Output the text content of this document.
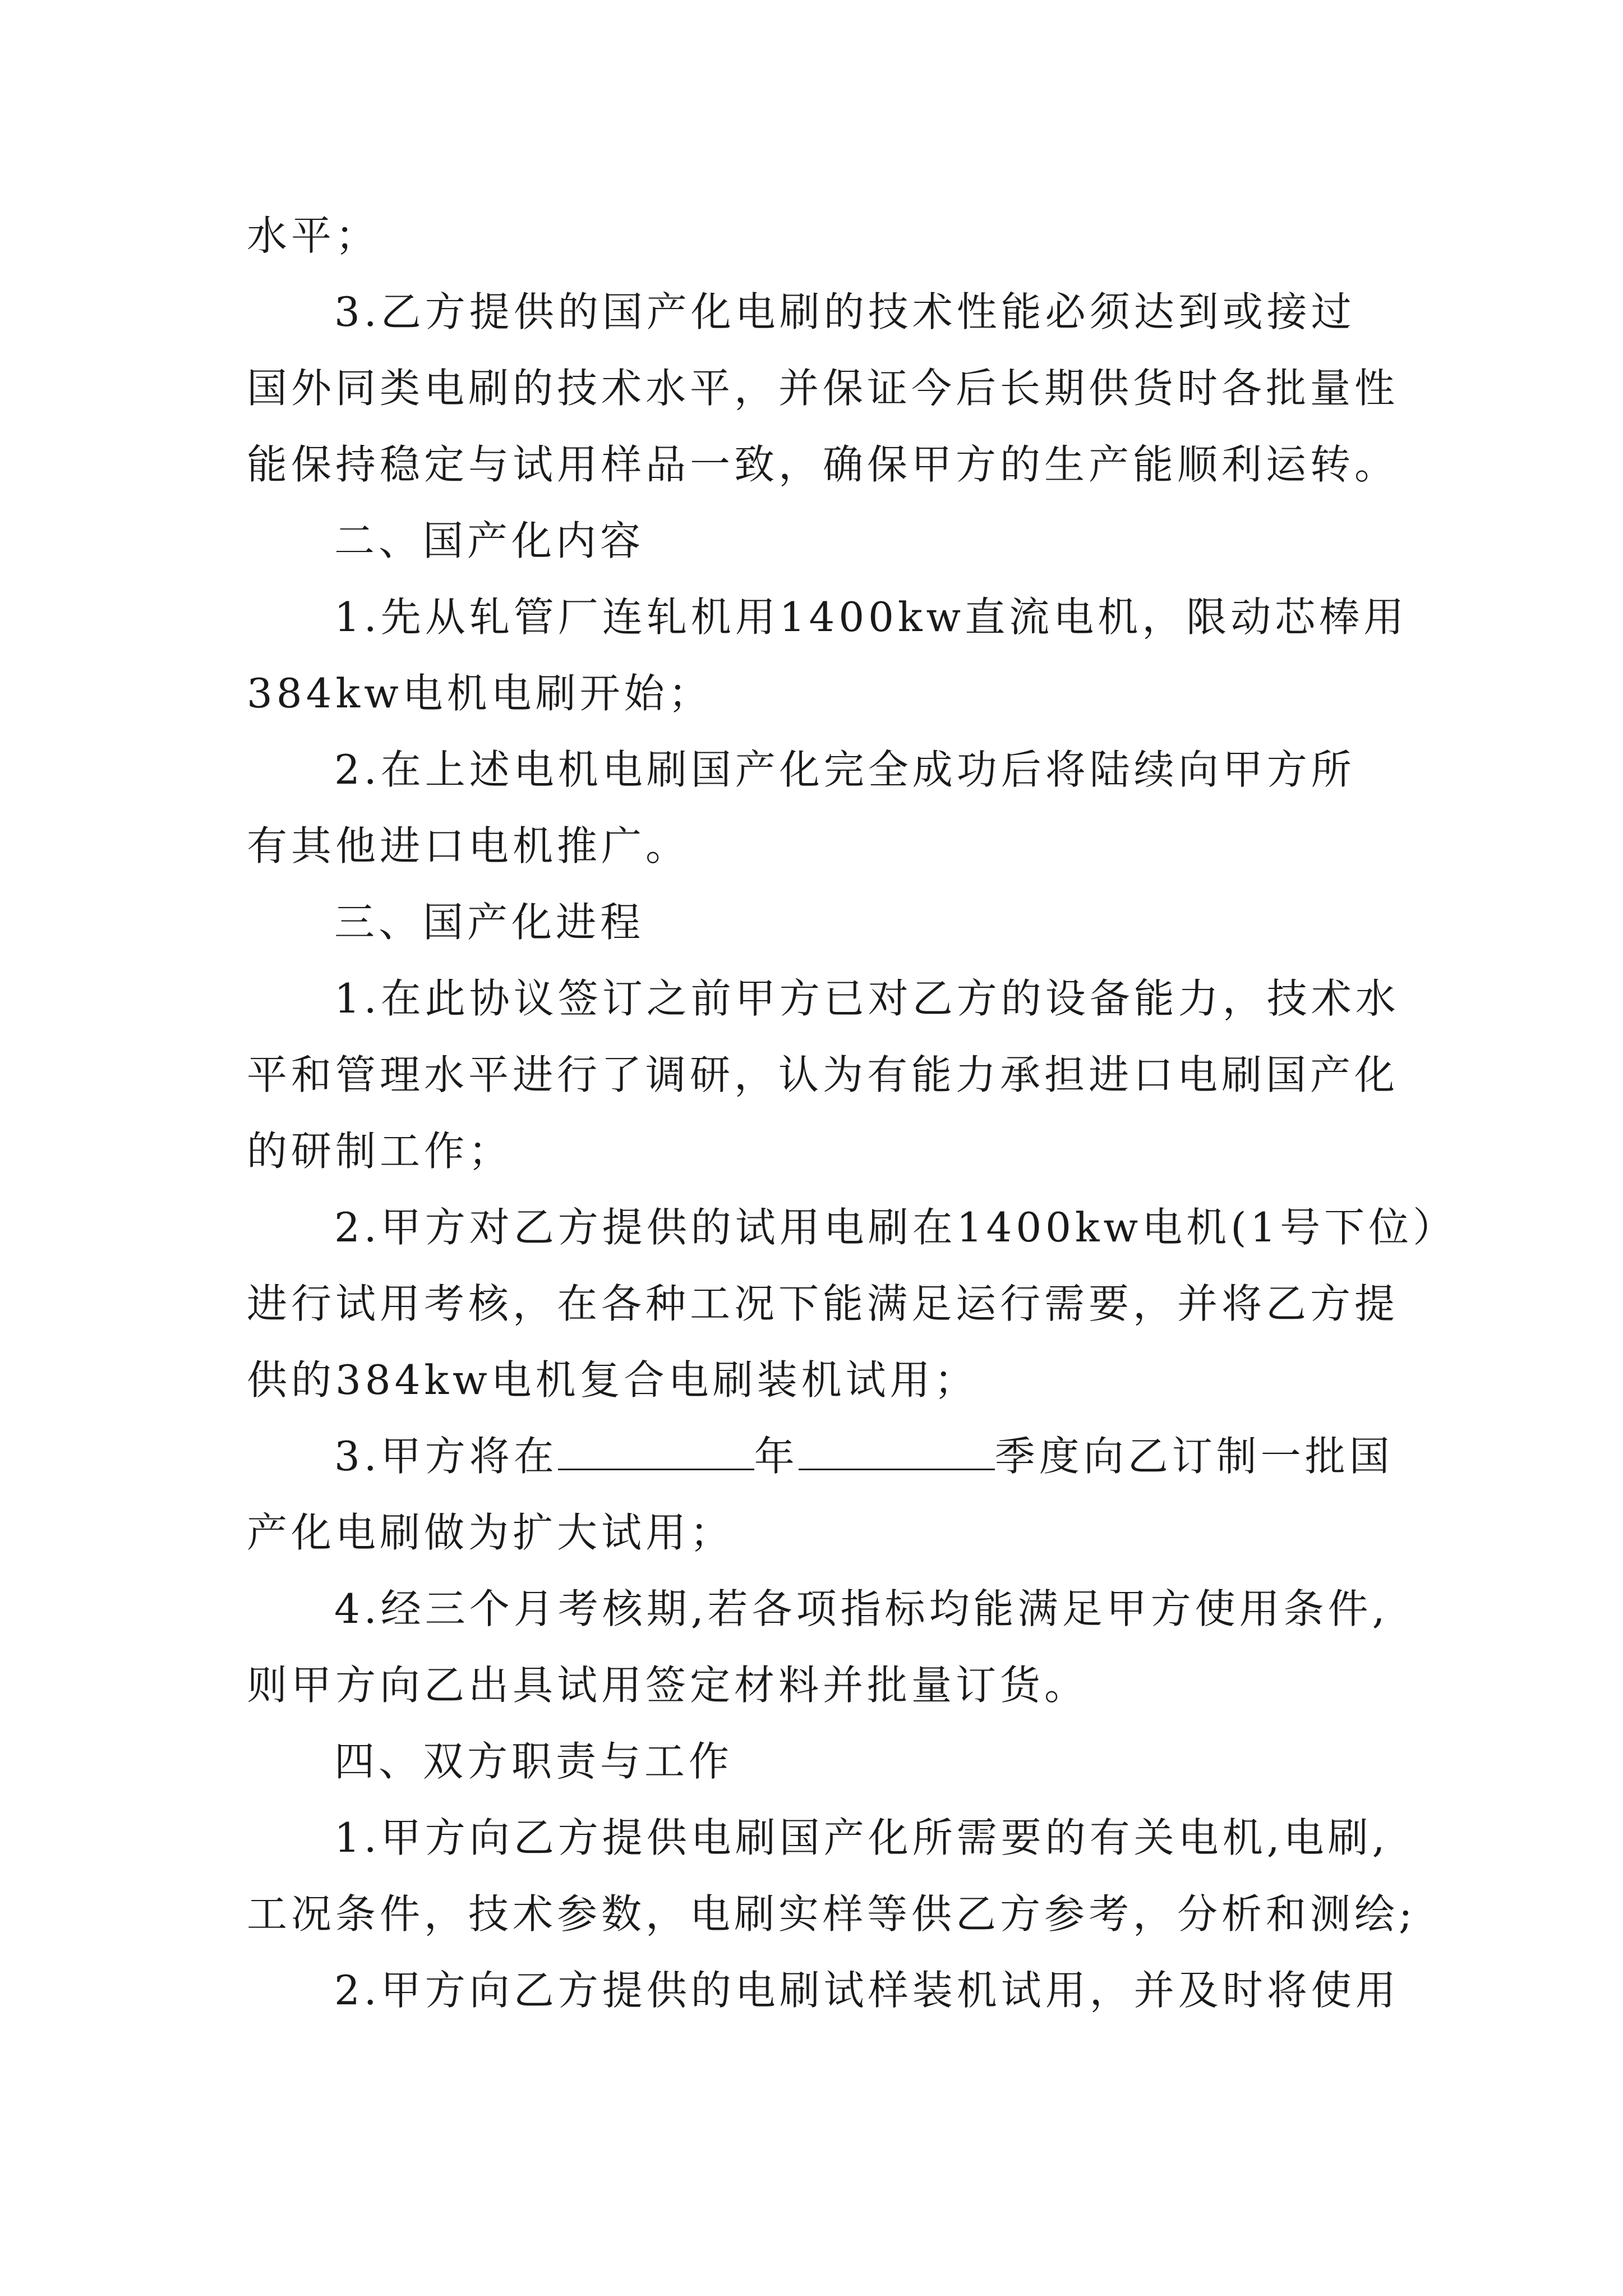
水平；
3.乙方提供的国产化电刷的技术性能必须达到或接过
国外同类电刷的技术水平，并保证今后长期供货时各批量性
能保持稳定与试用样品一致，确保甲方的生产能顺利运转。
二、国产化内容
1.先从轧管厂连轧机用1400kw直流电机，限动芯棒用
384kw电机电刷开始；
2.在上述电机电刷国产化完全成功后将陆续向甲方所
有其他进口电机推广。
三、国产化进程
1.在此协议签订之前甲方已对乙方的设备能力，技术水
平和管理水平进行了调研，认为有能力承担进口电刷国产化
的研制工作；
2.甲方对乙方提供的试用电刷在1400kw电机(1号下位）
进行试用考核，在各种工况下能满足运行需要，并将乙方提
供的384kw电机复合电刷装机试用；
3.甲方将在	年	季度向乙订制一批国
产化电刷做为扩大试用；
4.经三个月考核期,若各项指标均能满足甲方使用条件,
则甲方向乙出具试用签定材料并批量订货。
四、双方职责与工作
1.甲方向乙方提供电刷国产化所需要的有关电机,电刷,
工况条件，技术参数，电刷实样等供乙方参考，分析和测绘;
2.甲方向乙方提供的电刷试样装机试用，并及时将使用
